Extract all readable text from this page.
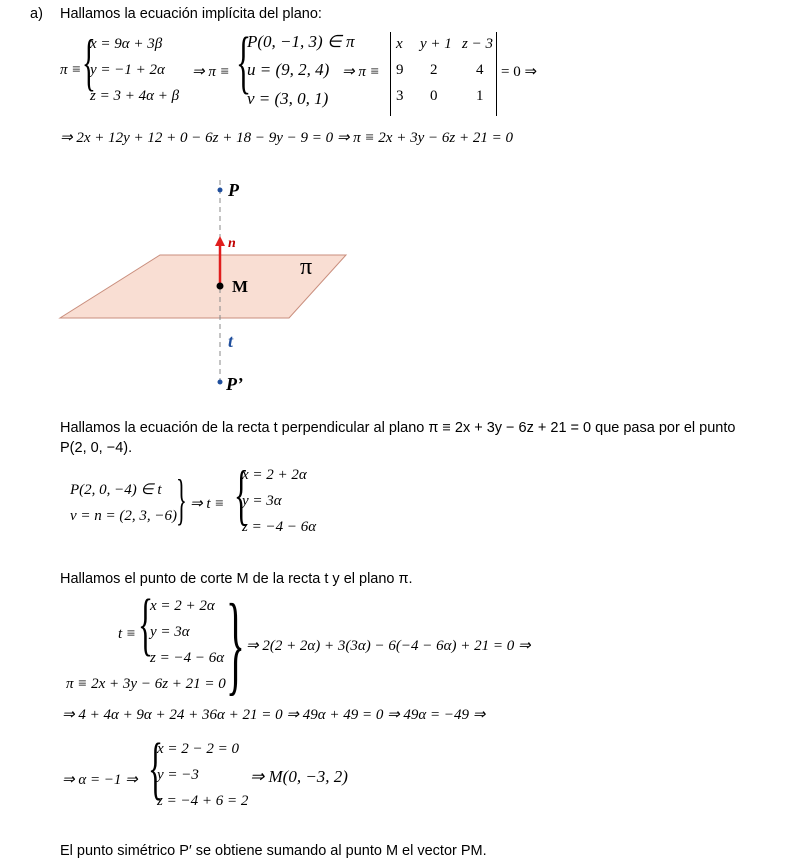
a) Hallamos la ecuación implícita del plano:
π ≡ {
x = 9α + 3β
y = −1 + 2α
z = 3 + 4α + β
⇒ π ≡ {
P(0, −1, 3) ∈ π
u = (9, 2, 4)
v = (3, 0, 1)
⇒ π ≡
x y + 1 z − 3
9 2	4
3 0	1
= 0 ⇒
⇒ 2x + 12y + 12 + 0 − 6z + 18 − 9y − 9 = 0 ⇒ π ≡ 2x + 3y − 6z + 21 = 0
P
n
π
M
t
P’
Hallamos la ecuación de la recta t perpendicular al plano π ≡ 2x + 3y − 6z + 21 = 0 que pasa por el punto
P(2, 0, −4).
P(2, 0, −4) ∈ t
v = n = (2, 3, −6)
} ⇒ t ≡ {
x = 2 + 2α
y = 3α
z = −4 − 6α
Hallamos el punto de corte M de la recta t y el plano π.
t ≡ {
x = 2 + 2α
y = 3α
z = −4 − 6α
π ≡ 2x + 3y − 6z + 21 = 0 } ⇒ 2(2 + 2α) + 3(3α) − 6(−4 − 6α) + 21 = 0 ⇒
⇒ 4 + 4α + 9α + 24 + 36α + 21 = 0 ⇒ 49α + 49 = 0 ⇒ 49α = −49 ⇒
⇒ α = −1 ⇒ {
x = 2 − 2 = 0
y = −3
z = −4 + 6 = 2
⇒ M(0, −3, 2)
El punto simétrico P′ se obtiene sumando al punto M el vector PM.
